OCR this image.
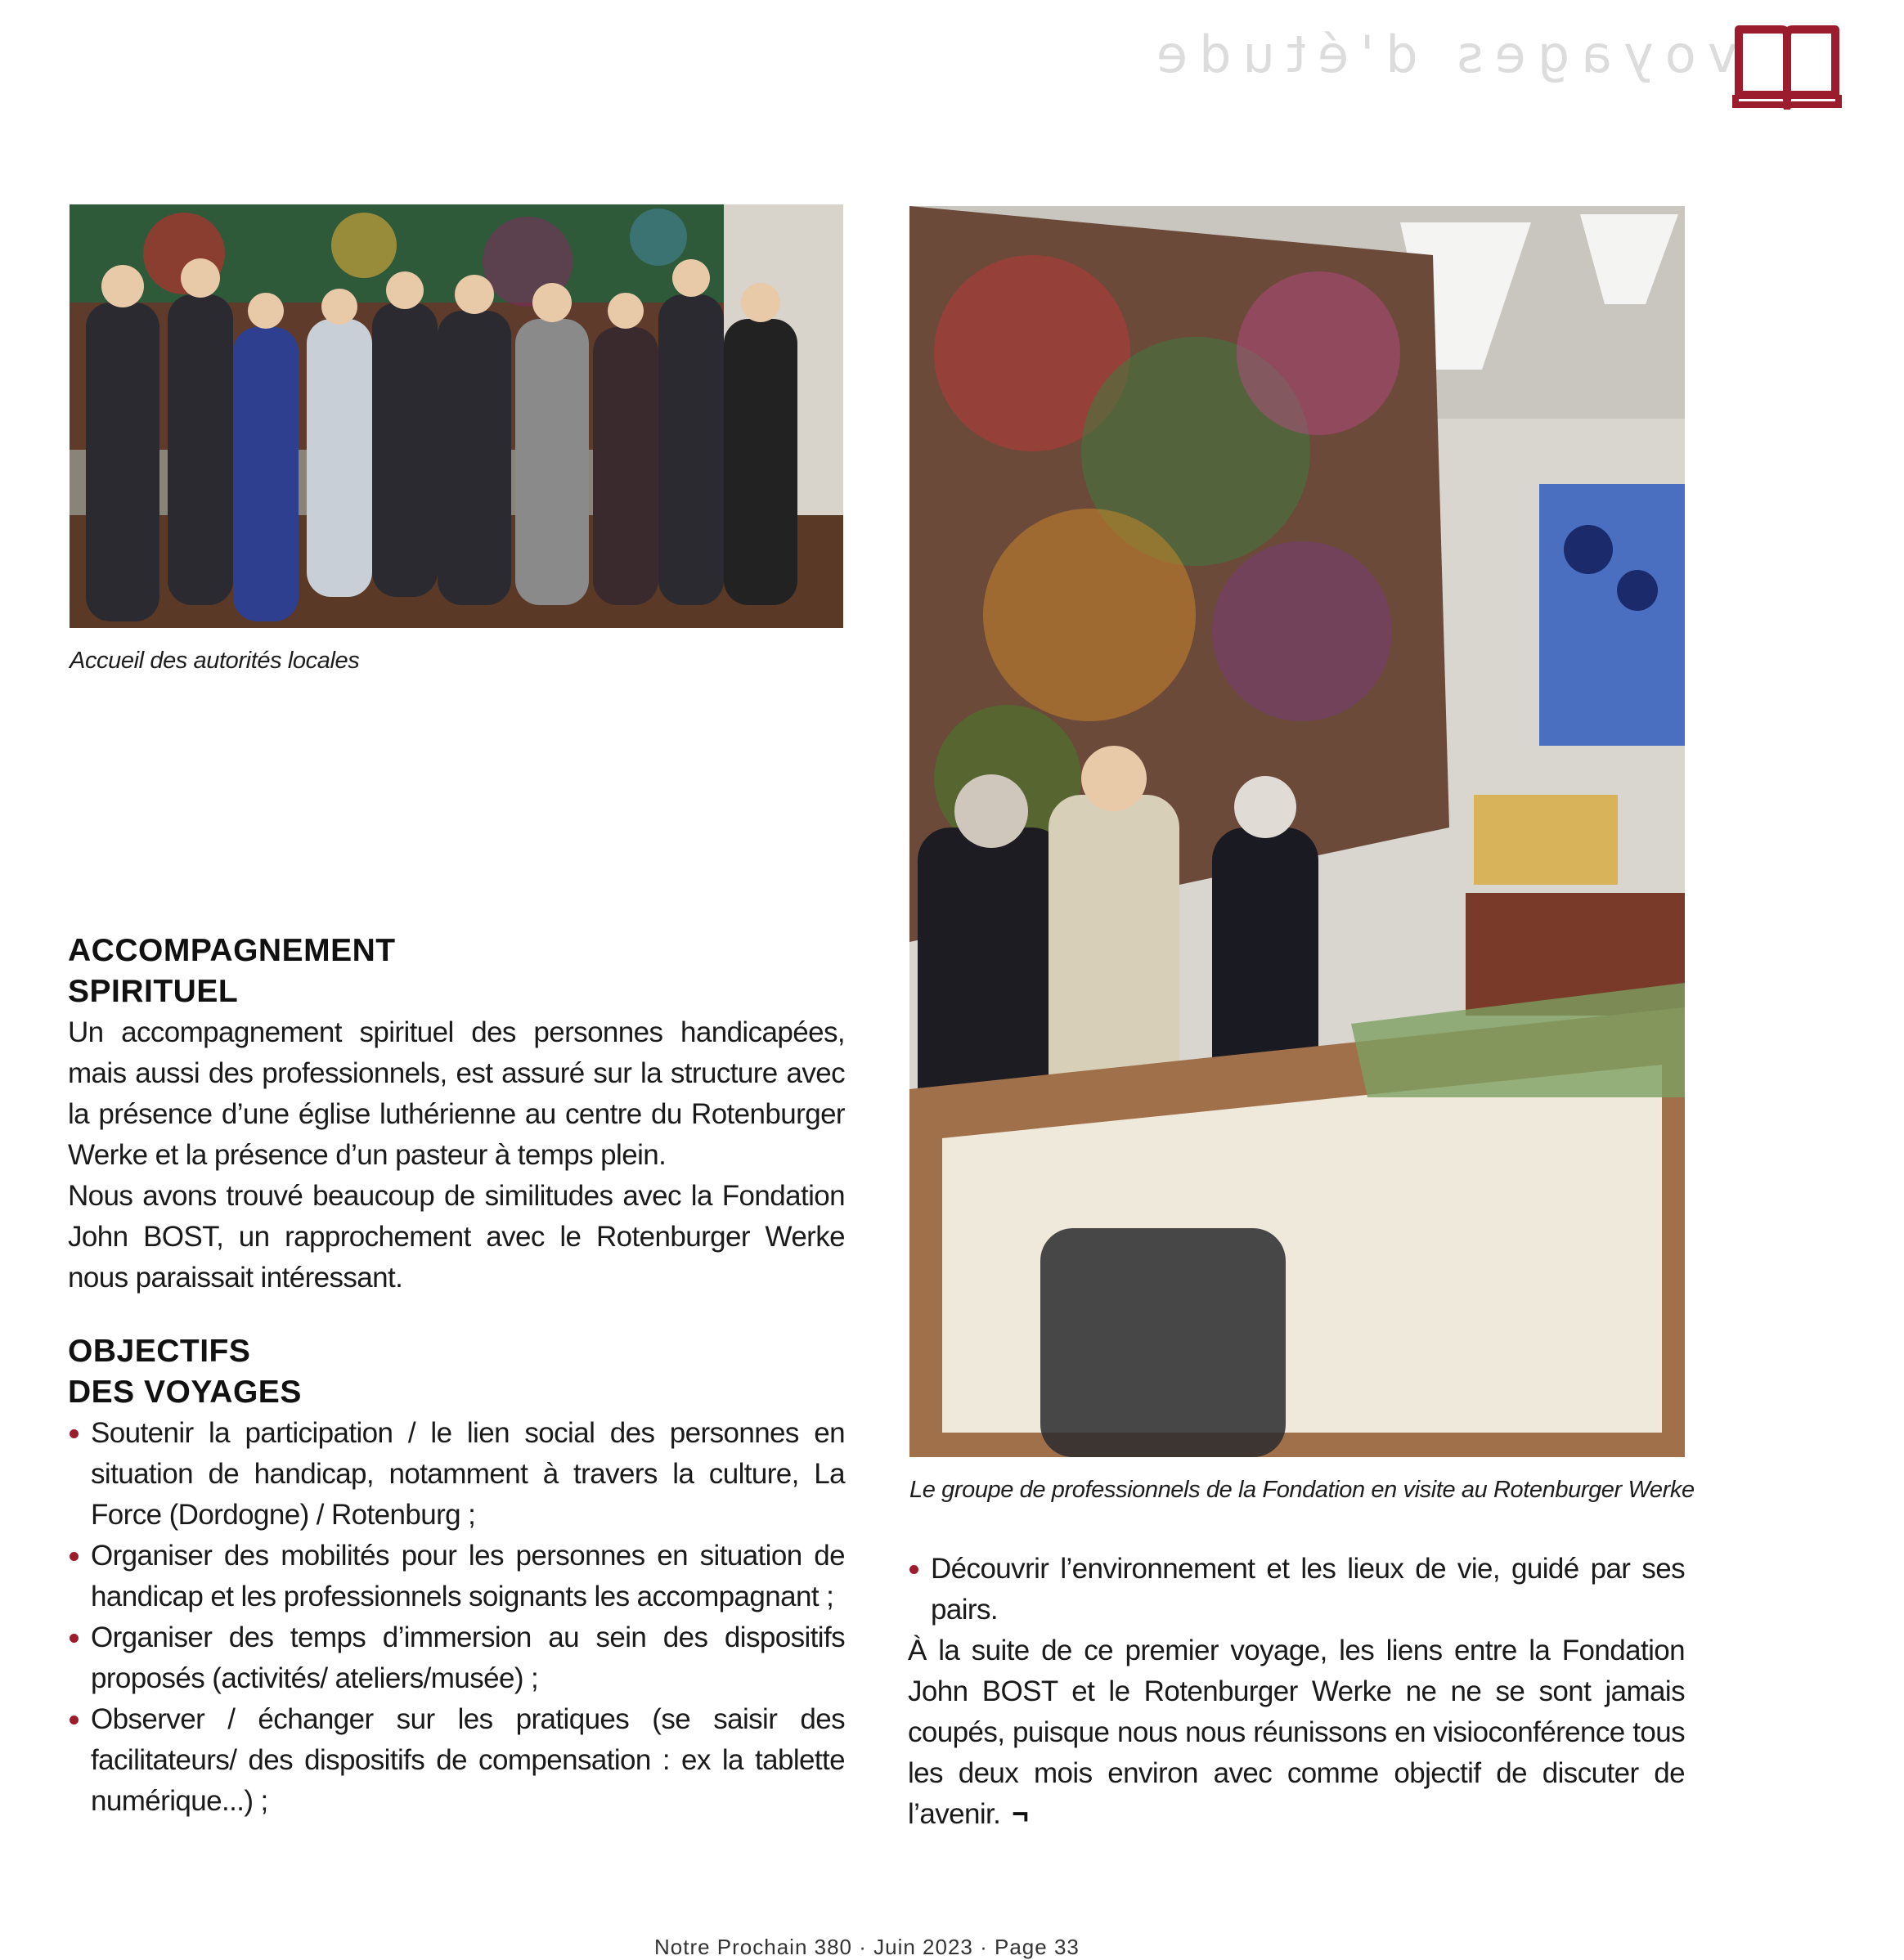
voyages d'étude
Accueil des autorités locales
Le groupe de professionnels de la Fondation en visite au Rotenburger Werke
ACCOMPAGNEMENT
SPIRITUEL

Un accompagnement spirituel des personnes handicapées, mais aussi des professionnels, est assuré sur la structure avec la présence d’une église luthérienne au centre du Rotenburger Werke et la présence d’un pasteur à temps plein.

Nous avons trouvé beaucoup de similitudes avec la Fondation John BOST, un rapprochement avec le Rotenburger Werke nous paraissait intéressant.

OBJECTIFS
DES VOYAGES
Soutenir la participation / le lien social des personnes en situation de handicap, notamment à travers la culture, La Force (Dordogne) / Rotenburg ;
Organiser des mobilités pour les personnes en situation de handicap et les professionnels soignants les accompagnant ;
Organiser des temps d’immersion au sein des dispositifs proposés (activités/ ateliers/musée) ;
Observer / échanger sur les pratiques (se saisir des facilitateurs/ des dispositifs de compensation : ex la tablette numérique...) ;
Découvrir l’environnement et les lieux de vie, guidé par ses pairs.

À la suite de ce premier voyage, les liens entre la Fondation John BOST et le Rotenburger Werke ne ne se sont jamais coupés, puisque nous nous réunissons en visioconférence tous les deux mois environ avec comme objectif de discuter de l’avenir. ¬

Notre Prochain 380 · Juin 2023 · Page 33
